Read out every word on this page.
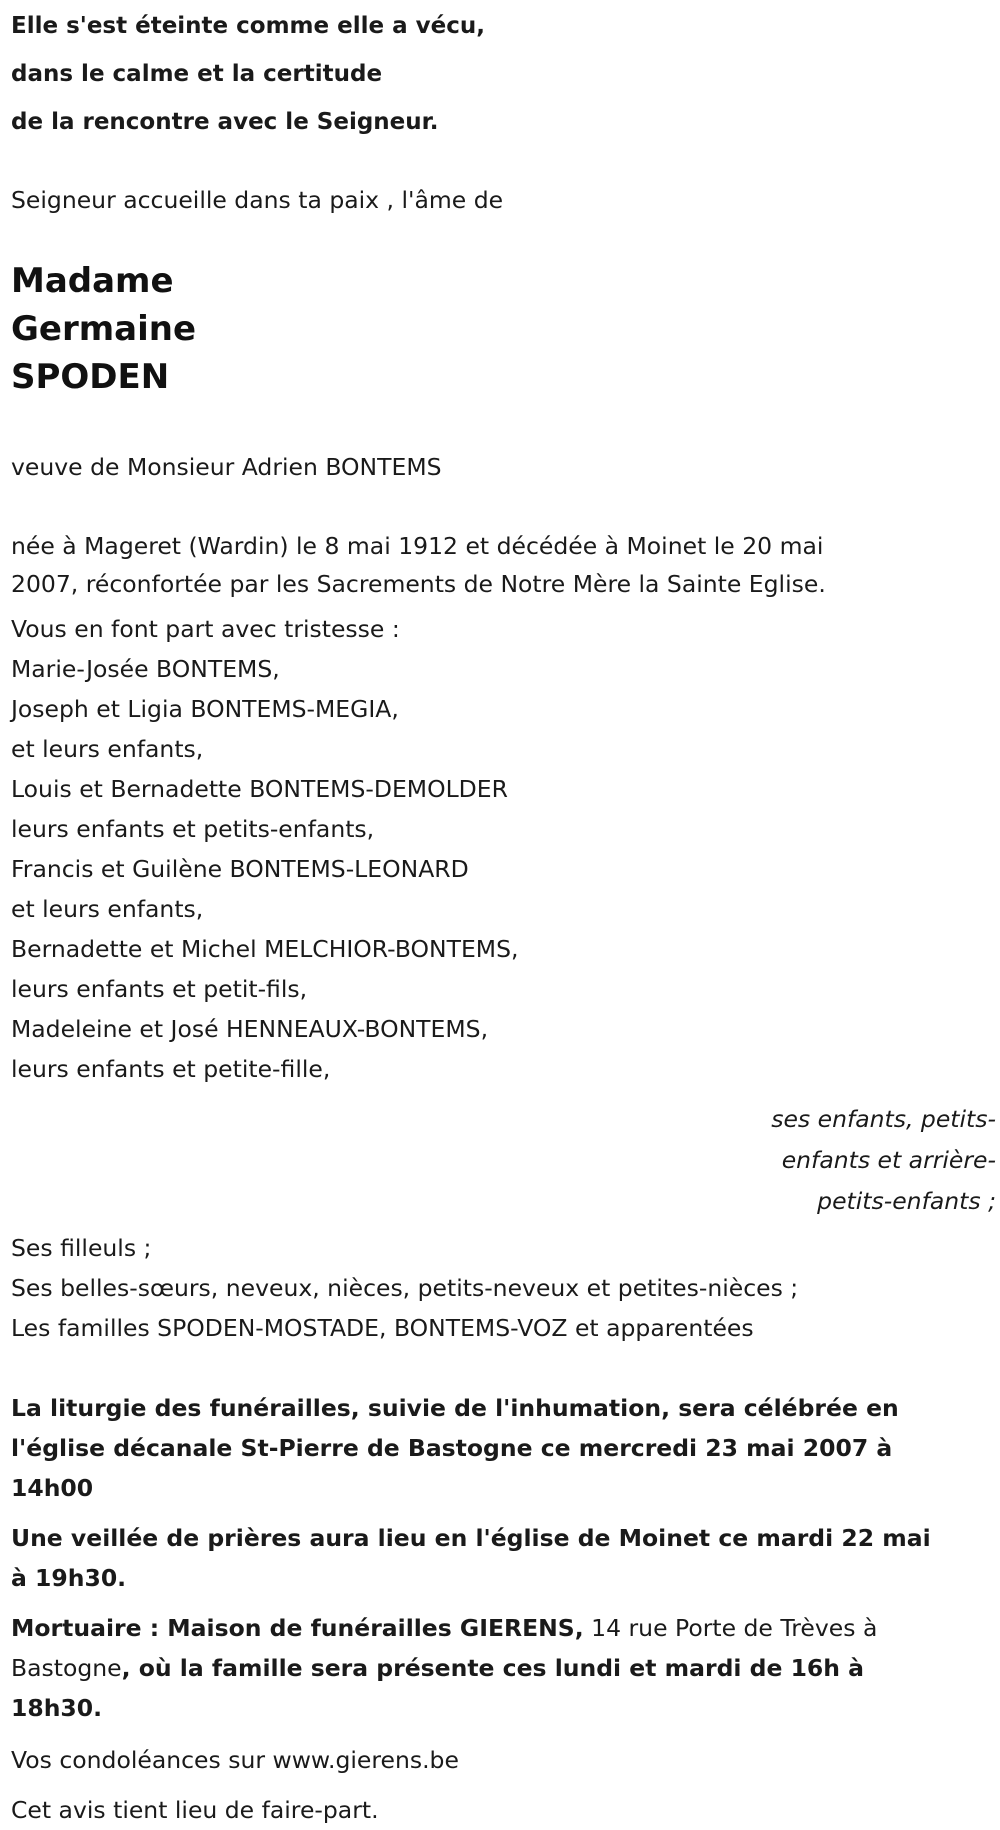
Elle s'est éteinte comme elle a vécu,
dans le calme et la certitude
de la rencontre avec le Seigneur.
Seigneur accueille dans ta paix , l'âme de
Madame
Germaine
SPODEN
veuve de Monsieur Adrien BONTEMS
née à Mageret (Wardin) le 8 mai 1912 et décédée à Moinet le 20 mai
2007, réconfortée par les Sacrements de Notre Mère la Sainte Eglise.
Vous en font part avec tristesse :
Marie-Josée BONTEMS,
Joseph et Ligia BONTEMS-MEGIA,
et leurs enfants,
Louis et Bernadette BONTEMS-DEMOLDER
leurs enfants et petits-enfants,
Francis et Guilène BONTEMS-LEONARD
et leurs enfants,
Bernadette et Michel MELCHIOR-BONTEMS,
leurs enfants et petit-fils,
Madeleine et José HENNEAUX-BONTEMS,
leurs enfants et petite-fille,
ses enfants, petits-
enfants et arrière-
petits-enfants ;
Ses filleuls ;
Ses belles-sœurs, neveux, nièces, petits-neveux et petites-nièces ;
Les familles SPODEN-MOSTADE, BONTEMS-VOZ et apparentées
La liturgie des funérailles, suivie de l'inhumation, sera célébrée en
l'église décanale St-Pierre de Bastogne ce mercredi 23 mai 2007 à
14h00
Une veillée de prières aura lieu en l'église de Moinet ce mardi 22 mai
à 19h30.
Mortuaire : Maison de funérailles GIERENS, 14 rue Porte de Trèves à
Bastogne, où la famille sera présente ces lundi et mardi de 16h à
18h30.
Vos condoléances sur www.gierens.be
Cet avis tient lieu de faire-part.
